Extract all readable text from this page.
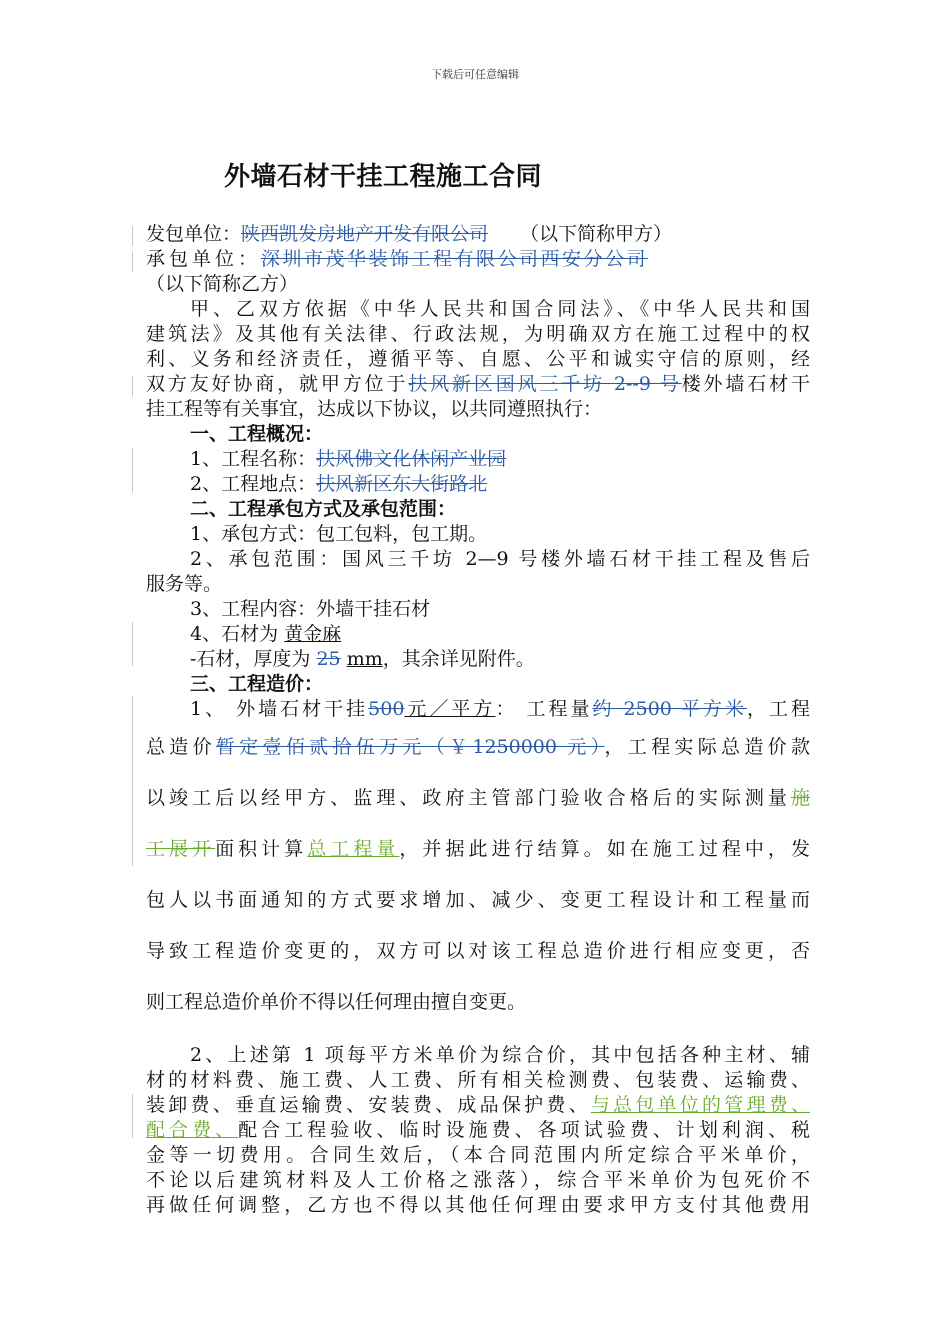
下载后可任意编辑
外墙石材干挂工程施工合同
发包单位：陕西凯发房地产开发有限公司 （以下简称甲方）
承包单位：深圳市茂华装饰工程有限公司西安分公司
（以下简称乙方）
甲、乙双方依据《中华人民共和国合同法》、《中华人民共和国
建筑法》及其他有关法律、行政法规，为明确双方在施工过程中的权
利、义务和经济责任，遵循平等、自愿、公平和诚实守信的原则，经
双方友好协商，就甲方位于扶风新区国风三千坊 2--9 号楼外墙石材干
挂工程等有关事宜，达成以下协议，以共同遵照执行：
一、工程概况：
1、工程名称：扶风佛文化休闲产业园
2、工程地点：扶风新区东大街路北
二、工程承包方式及承包范围：
1、承包方式：包工包料，包工期。
2、承包范围：国风三千坊 2—9 号楼外墙石材干挂工程及售后
服务等。
3、工程内容：外墙干挂石材
4、石材为 黄金麻
-石材，厚度为 25 mm，其余详见附件。
三、工程造价：
1、 外墙石材干挂500元／平方： 工程量约 2500 平方米，工程
总造价暂定壹佰贰拾伍万元（￥1250000 元），工程实际总造价款
以竣工后以经甲方、监理、政府主管部门验收合格后的实际测量施
工展开面积计算总工程量，并据此进行结算。如在施工过程中，发
包人以书面通知的方式要求增加、减少、变更工程设计和工程量而
导致工程造价变更的，双方可以对该工程总造价进行相应变更，否
则工程总造价单价不得以任何理由擅自变更。
2、上述第 1 项每平方米单价为综合价，其中包括各种主材、辅
材的材料费、施工费、人工费、所有相关检测费、包装费、运输费、
装卸费、垂直运输费、安装费、成品保护费、与总包单位的管理费、
配合费、配合工程验收、临时设施费、各项试验费、计划利润、税
金等一切费用。合同生效后，（本合同范围内所定综合平米单价，
不论以后建筑材料及人工价格之涨落），综合平米单价为包死价不
再做任何调整，乙方也不得以其他任何理由要求甲方支付其他费用
